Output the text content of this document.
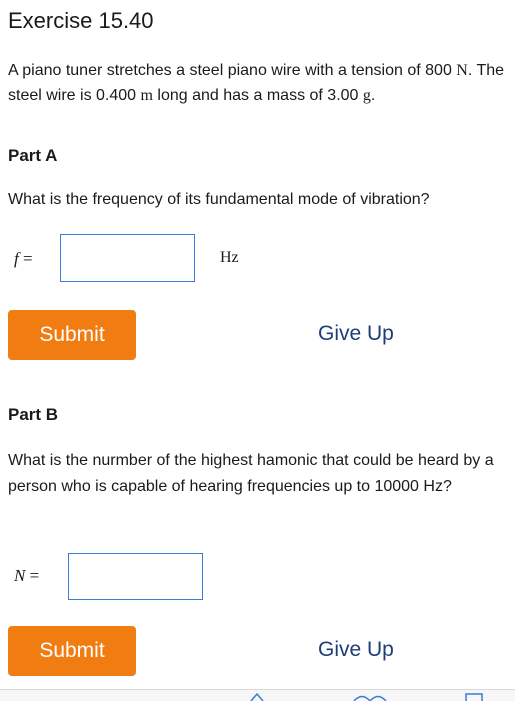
Exercise 15.40
A piano tuner stretches a steel piano wire with a tension of 800 N. The steel wire is 0.400 m long and has a mass of 3.00 g.
Part A
What is the frequency of its fundamental mode of vibration?
f =	Hz
Submit	Give Up
Part B
What is the nurmber of the highest hamonic that could be heard by a person who is capable of hearing frequencies up to 10000 Hz?
N =
Submit	Give Up
